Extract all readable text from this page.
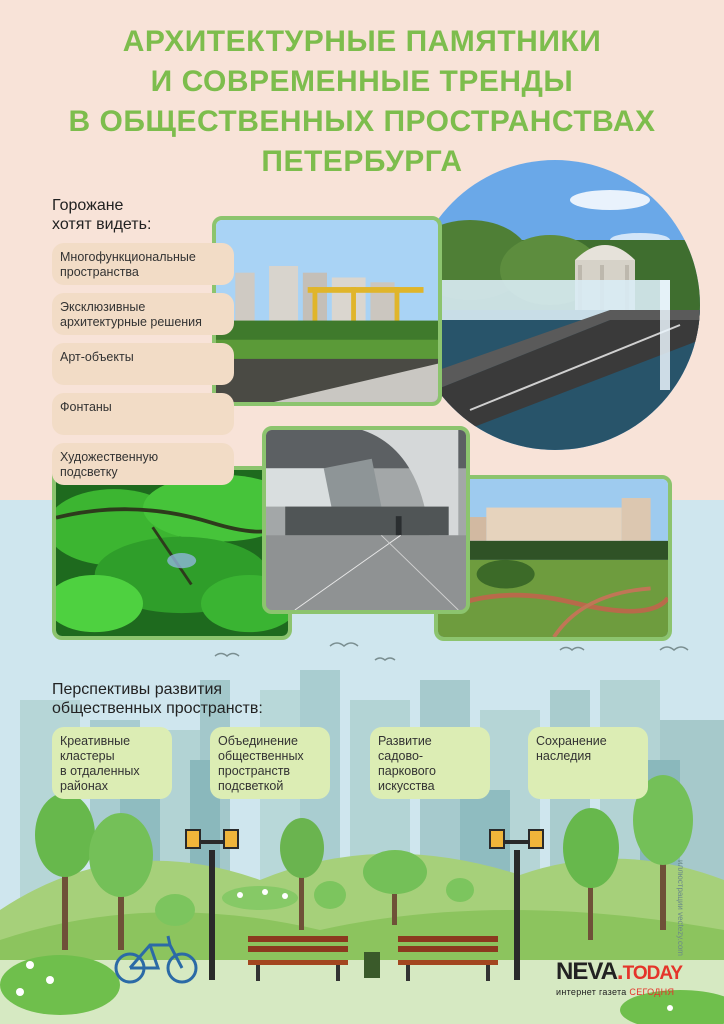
АРХИТЕКТУРНЫЕ ПАМЯТНИКИ
И СОВРЕМЕННЫЕ ТРЕНДЫ
В ОБЩЕСТВЕННЫХ ПРОСТРАНСТВАХ
ПЕТЕРБУРГА
Горожане
хотят видеть:
Многофункциональные
пространства
Эксклюзивные
архитектурные решения
Арт-объекты
Фонтаны
Художественную
подсветку
Перспективы развития
общественных пространств:
Креативные
кластеры
в отдаленных
районах
Объединение
общественных
пространств
подсветкой
Развитие
садово-
паркового
искусства
Сохранение
наследия
иллюстрации vectezy.com
NEVA.TODAY
интернет газета СЕГОДНЯ
